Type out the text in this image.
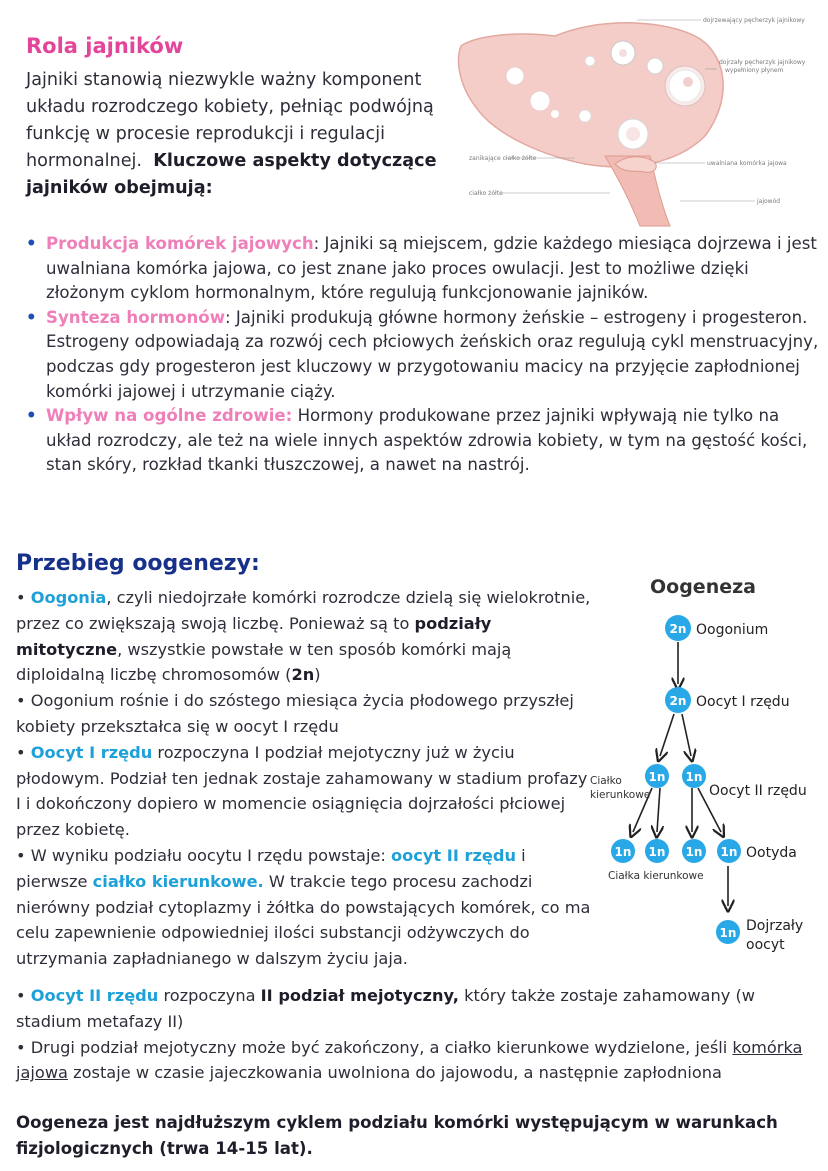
Rola jajników

Jajniki stanowią niezwykle ważny komponent układu rozrodczego kobiety, pełniąc podwójną funkcję w procesie reprodukcji i regulacji hormonalnej. Kluczowe aspekty dotyczące jajników obejmują:

dojrzewający pęcherzyk jajnikowy
dojrzały pęcherzyk jajnikowy
wypełniony płynem
zanikające ciałko żółte
uwalniana komórka jajowa
ciałko żółte
jajowód
• Produkcja komórek jajowych: Jajniki są miejscem, gdzie każdego miesiąca dojrzewa i jest uwalniana komórka jajowa, co jest znane jako proces owulacji. Jest to możliwe dzięki złożonym cyklom hormonalnym, które regulują funkcjonowanie jajników.
• Synteza hormonów: Jajniki produkują główne hormony żeńskie – estrogeny i progesteron. Estrogeny odpowiadają za rozwój cech płciowych żeńskich oraz regulują cykl menstruacyjny, podczas gdy progesteron jest kluczowy w przygotowaniu macicy na przyjęcie zapłodnionej komórki jajowej i utrzymanie ciąży.
• Wpływ na ogólne zdrowie: Hormony produkowane przez jajniki wpływają nie tylko na układ rozrodczy, ale też na wiele innych aspektów zdrowia kobiety, w tym na gęstość kości, stan skóry, rozkład tkanki tłuszczowej, a nawet na nastrój.
Przebieg oogenezy:
• Oogonia, czyli niedojrzałe komórki rozrodcze dzielą się wielokrotnie, przez co zwiększają swoją liczbę. Ponieważ są to podziały mitotyczne, wszystkie powstałe w ten sposób komórki mają diploidalną liczbę chromosomów (2n)
• Oogonium rośnie i do szóstego miesiąca życia płodowego przyszłej kobiety przekształca się w oocyt I rzędu
• Oocyt I rzędu rozpoczyna I podział mejotyczny już w życiu płodowym. Podział ten jednak zostaje zahamowany w stadium profazy I i dokończony dopiero w momencie osiągnięcia dojrzałości płciowej przez kobietę.
• W wyniku podziału oocytu I rzędu powstaje: oocyt II rzędu i pierwsze ciałko kierunkowe. W trakcie tego procesu zachodzi nierówny podział cytoplazmy i żółtka do powstających komórek, co ma celu zapewnienie odpowiedniej ilości substancji odżywczych do utrzymania zapładnianego w dalszym życiu jaja.
• Oocyt II rzędu rozpoczyna II podział mejotyczny, który także zostaje zahamowany (w stadium metafazy II)
• Drugi podział mejotyczny może być zakończony, a ciałko kierunkowe wydzielone, jeśli komórka jajowa zostaje w czasie jajeczkowania uwolniona do jajowodu, a następnie zapłodniona

Oogeneza jest najdłuższym cyklem podziału komórki występującym w warunkach fizjologicznych (trwa 14-15 lat).

Oogeneza
2n Oogonium
2n Oocyt I rzędu
1n 1n
Ciałko
kierunkowe	Oocyt II rzędu
1n 1n 1n 1n Ootyda
Ciałka kierunkowe
1n Dojrzały
oocyt
